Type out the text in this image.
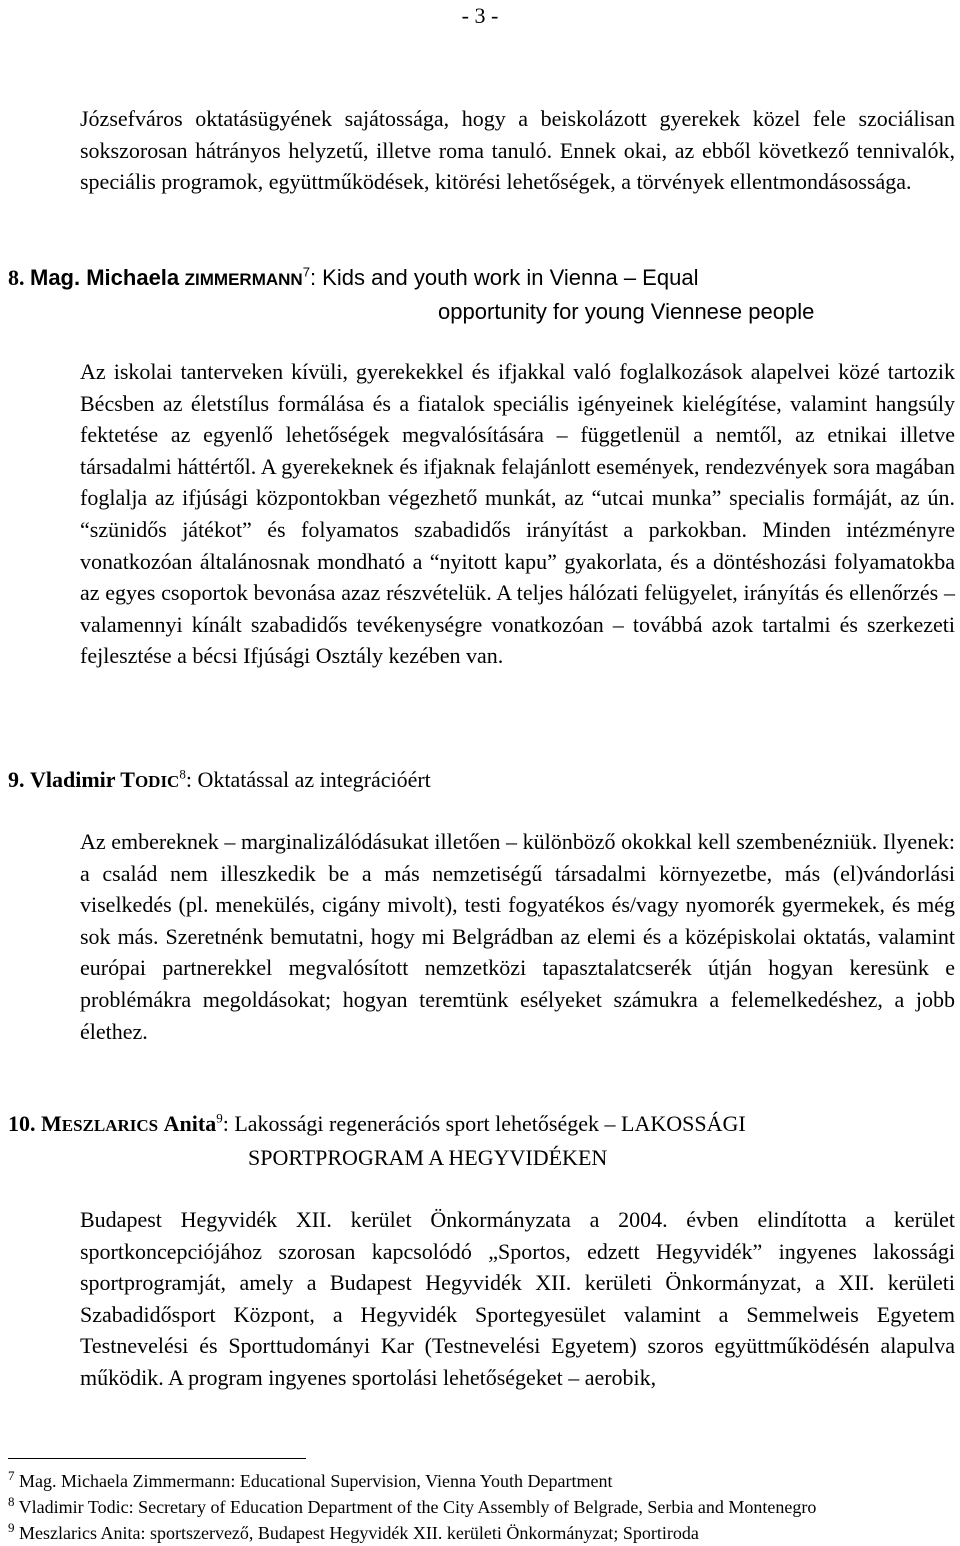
- 3 -

Józsefváros oktatásügyének sajátossága, hogy a beiskolázott gyerekek közel fele szociálisan sokszorosan hátrányos helyzetű, illetve roma tanuló. Ennek okai, az ebből következő tennivalók, speciális programok, együttműködések, kitörési lehetőségek, a törvények ellentmondásossága.

8. Mag. Michaela ZIMMERMANN$^7$: Kids and youth work in Vienna – Equal
opportunity for young Viennese people

Az iskolai tanterveken kívüli, gyerekekkel és ifjakkal való foglalkozások alapelvei közé tartozik Bécsben az életstílus formálása és a fiatalok speciális igényeinek kielégítése, valamint hangsúly fektetése az egyenlő lehetőségek megvalósítására – függetlenül a nemtől, az etnikai illetve társadalmi háttértől. A gyerekeknek és ifjaknak felajánlott események, rendezvények sora magában foglalja az ifjúsági központokban végezhető munkát, az “utcai munka” specialis formáját, az ún. “szünidős játékot” és folyamatos szabadidős irányítást a parkokban. Minden intézményre vonatkozóan általánosnak mondható a “nyitott kapu” gyakorlata, és a döntéshozási folyamatokba az egyes csoportok bevonása azaz részvételük. A teljes hálózati felügyelet, irányítás és ellenőrzés – valamennyi kínált szabadidős tevékenységre vonatkozóan – továbbá azok tartalmi és szerkezeti fejlesztése a bécsi Ifjúsági Osztály kezében van.

9. Vladimir TODIC$^8$: Oktatással az integrációért

Az embereknek – marginalizálódásukat illetően – különböző okokkal kell szembenézniük. Ilyenek: a család nem illeszkedik be a más nemzetiségű társadalmi környezetbe, más (el)vándorlási viselkedés (pl. menekülés, cigány mivolt), testi fogyatékos és/vagy nyomorék gyermekek, és még sok más. Szeretnénk bemutatni, hogy mi Belgrádban az elemi és a középiskolai oktatás, valamint európai partnerekkel megvalósított nemzetközi tapasztalatcserék útján hogyan keresünk e problémákra megoldásokat; hogyan teremtünk esélyeket számukra a felemelkedéshez, a jobb élethez.

10. MESZLARICS Anita$^9$: Lakossági regenerációs sport lehetőségek – LAKOSSÁGI
SPORTPROGRAM A HEGYVIDÉKEN

Budapest Hegyvidék XII. kerület Önkormányzata a 2004. évben elindította a kerület sportkoncepciójához szorosan kapcsolódó „Sportos, edzett Hegyvidék” ingyenes lakossági sportprogramját, amely a Budapest Hegyvidék XII. kerületi Önkormányzat, a XII. kerületi Szabadidősport Központ, a Hegyvidék Sportegyesület valamint a Semmelweis Egyetem Testnevelési és Sporttudományi Kar (Testnevelési Egyetem) szoros együttműködésén alapulva működik. A program ingyenes sportolási lehetőségeket – aerobik,

$^7$ Mag. Michaela Zimmermann: Educational Supervision, Vienna Youth Department

$^8$ Vladimir Todic: Secretary of Education Department of the City Assembly of Belgrade, Serbia and Montenegro

$^9$ Meszlarics Anita: sportszervező, Budapest Hegyvidék XII. kerületi Önkormányzat; Sportiroda
